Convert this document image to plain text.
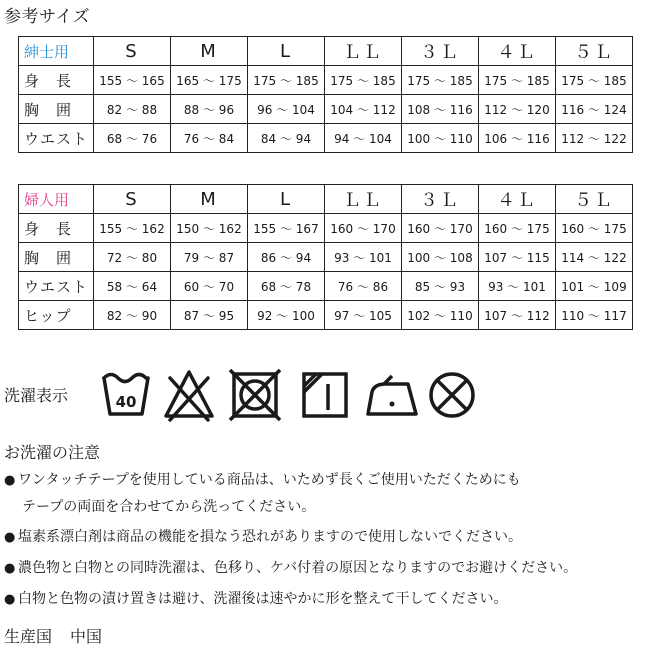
参考サイズ
紳士用	S	M	L	ＬＬ	３Ｌ	４Ｌ	５Ｌ
身　長	155 ～ 165	165 ～ 175	175 ～ 185	175 ～ 185	175 ～ 185	175 ～ 185	175 ～ 185
胸　囲	82 ～ 88	88 ～ 96	96 ～ 104	104 ～ 112	108 ～ 116	112 ～ 120	116 ～ 124
ウエスト	68 ～ 76	76 ～ 84	84 ～ 94	94 ～ 104	100 ～ 110	106 ～ 116	112 ～ 122
婦人用	S	M	L	ＬＬ	３Ｌ	４Ｌ	５Ｌ
身　長	155 ～ 162	150 ～ 162	155 ～ 167	160 ～ 170	160 ～ 170	160 ～ 175	160 ～ 175
胸　囲	72 ～ 80	79 ～ 87	86 ～ 94	93 ～ 101	100 ～ 108	107 ～ 115	114 ～ 122
ウエスト	58 ～ 64	60 ～ 70	68 ～ 78	76 ～ 86	85 ～ 93	93 ～ 101	101 ～ 109
ヒップ	82 ～ 90	87 ～ 95	92 ～ 100	97 ～ 105	102 ～ 110	107 ～ 112	110 ～ 117
洗濯表示	40
お洗濯の注意
● ワンタッチテープを使用している商品は、いためず長くご使用いただくためにも
テープの両面を合わせてから洗ってください。
● 塩素系漂白剤は商品の機能を損なう恐れがありますので使用しないでください。
● 濃色物と白物との同時洗濯は、色移り、ケバ付着の原因となりますのでお避けください。
● 白物と色物の漬け置きは避け、洗濯後は速やかに形を整えて干してください。
生産国 中国
